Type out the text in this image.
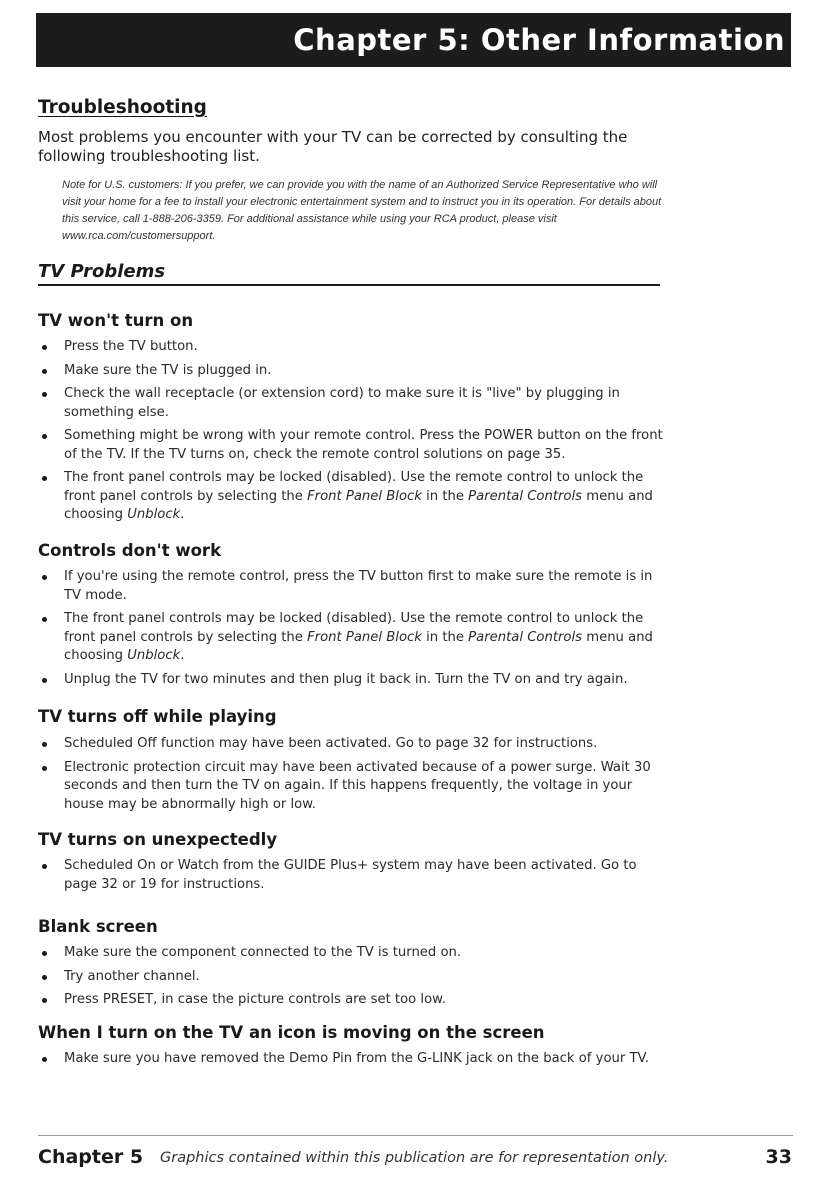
Chapter 5: Other Information
Troubleshooting

Most problems you encounter with your TV can be corrected by consulting the following troubleshooting list.

Note for U.S. customers: If you prefer, we can provide you with the name of an Authorized Service Representative who will visit your home for a fee to install your electronic entertainment system and to instruct you in its operation. For details about this service, call 1-888-206-3359. For additional assistance while using your RCA product, please visit www.rca.com/customersupport.

TV Problems
TV won't turn on
Press the TV button.
Make sure the TV is plugged in.
Check the wall receptacle (or extension cord) to make sure it is "live" by plugging in something else.
Something might be wrong with your remote control. Press the POWER button on the front of the TV. If the TV turns on, check the remote control solutions on page 35.
The front panel controls may be locked (disabled). Use the remote control to unlock the front panel controls by selecting the Front Panel Block in the Parental Controls menu and choosing Unblock.
Controls don't work
If you're using the remote control, press the TV button first to make sure the remote is in TV mode.
The front panel controls may be locked (disabled). Use the remote control to unlock the front panel controls by selecting the Front Panel Block in the Parental Controls menu and choosing Unblock.
Unplug the TV for two minutes and then plug it back in. Turn the TV on and try again.
TV turns off while playing
Scheduled Off function may have been activated. Go to page 32 for instructions.
Electronic protection circuit may have been activated because of a power surge. Wait 30 seconds and then turn the TV on again. If this happens frequently, the voltage in your house may be abnormally high or low.
TV turns on unexpectedly
Scheduled On or Watch from the GUIDE Plus+ system may have been activated. Go to page 32 or 19 for instructions.
Blank screen
Make sure the component connected to the TV is turned on.
Try another channel.
Press PRESET, in case the picture controls are set too low.
When I turn on the TV an icon is moving on the screen
Make sure you have removed the Demo Pin from the G-LINK jack on the back of your TV.
Chapter 5 Graphics contained within this publication are for representation only.	33
